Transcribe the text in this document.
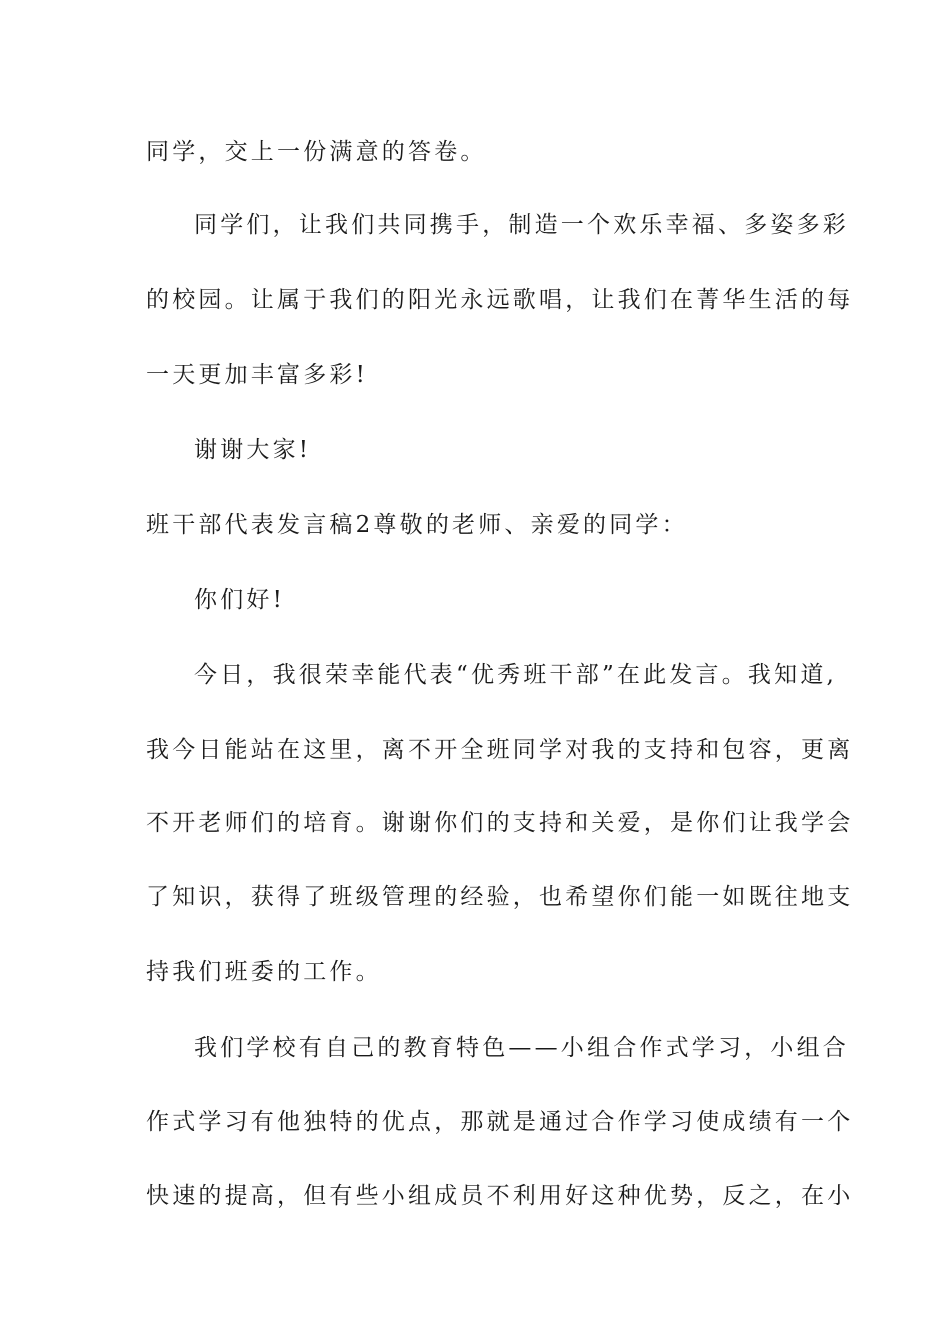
同学，交上一份满意的答卷。

同学们，让我们共同携手，制造一个欢乐幸福、多姿多彩

的校园。让属于我们的阳光永远歌唱，让我们在菁华生活的每

一天更加丰富多彩!

谢谢大家!

班干部代表发言稿2尊敬的老师、亲爱的同学：

你们好!

今日，我很荣幸能代表“优秀班干部”在此发言。我知道,

我今日能站在这里，离不开全班同学对我的支持和包容，更离

不开老师们的培育。谢谢你们的支持和关爱，是你们让我学会

了知识，获得了班级管理的经验，也希望你们能一如既往地支

持我们班委的工作。

我们学校有自己的教育特色——小组合作式学习，小组合

作式学习有他独特的优点，那就是通过合作学习使成绩有一个

快速的提高，但有些小组成员不利用好这种优势，反之，在小
